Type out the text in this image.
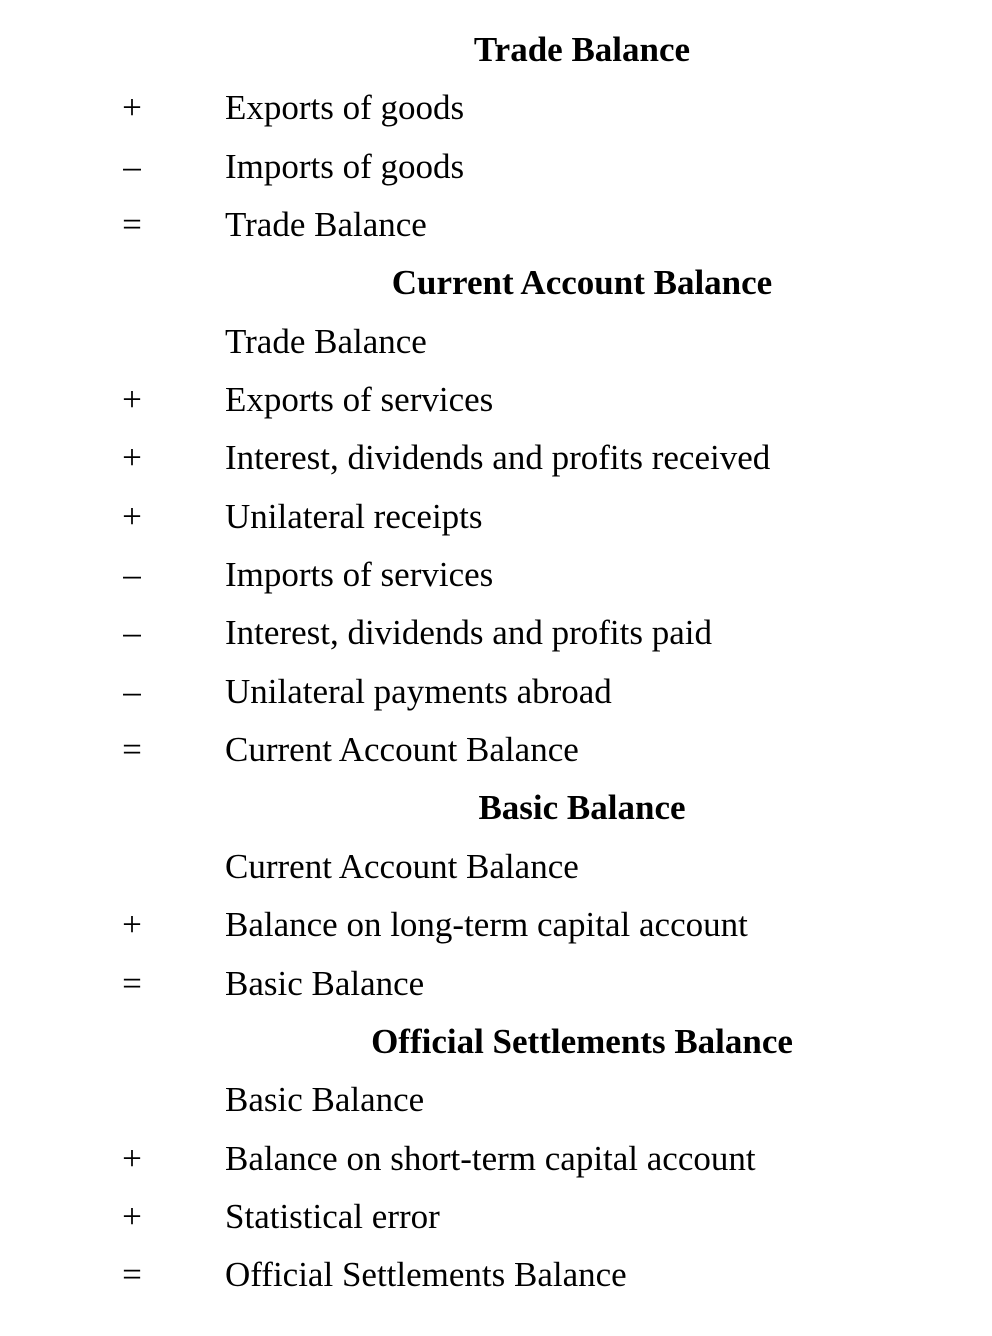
Trade Balance
+ Exports of goods
–	Imports of goods
= Trade Balance
Current Account Balance
Trade Balance
+ Exports of services
+ Interest, dividends and profits received
+ Unilateral receipts
–	Imports of services
–	Interest, dividends and profits paid
–	Unilateral payments abroad
= Current Account Balance
Basic Balance
Current Account Balance
+ Balance on long-term capital account
= Basic Balance
Official Settlements Balance
Basic Balance
+ Balance on short-term capital account
+ Statistical error
= Official Settlements Balance
